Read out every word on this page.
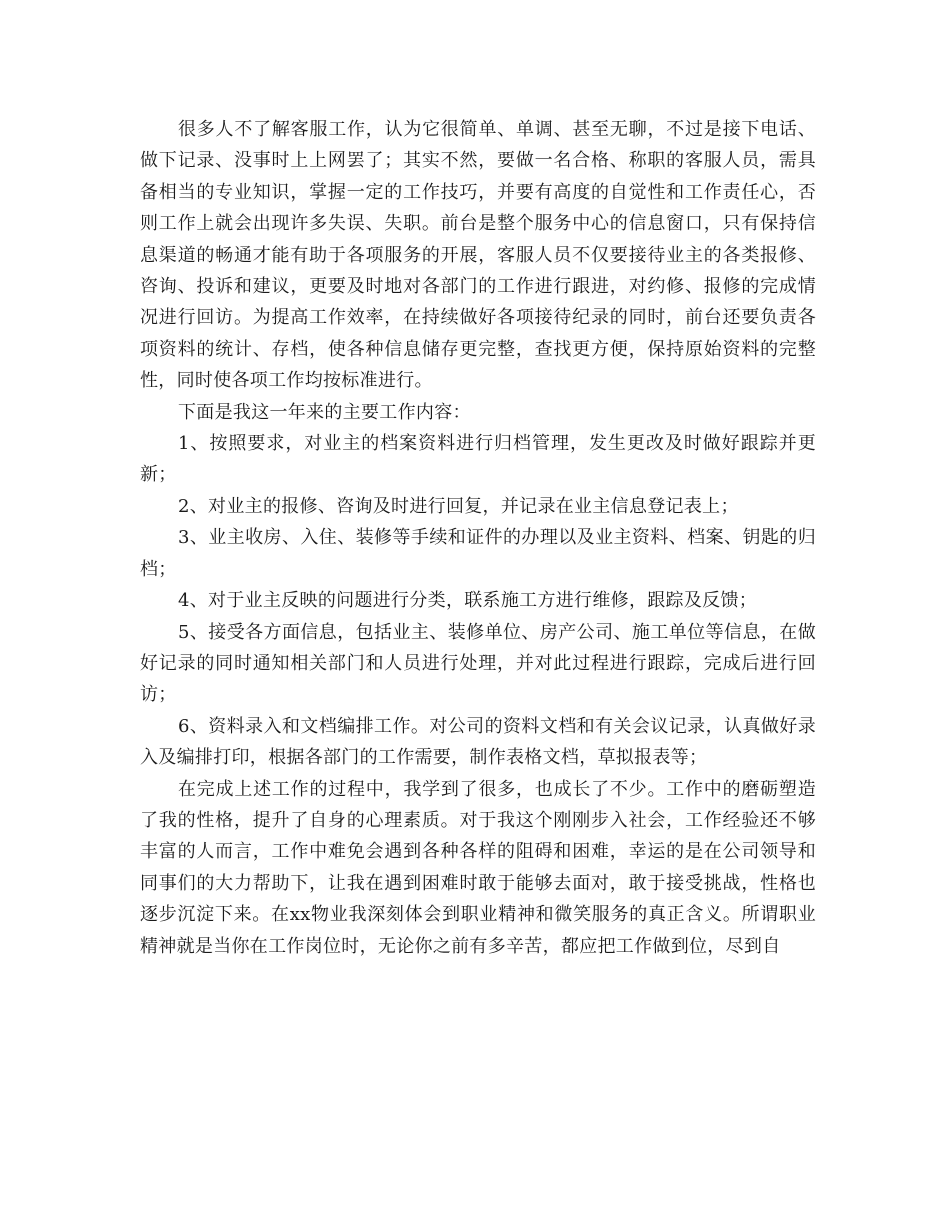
很多人不了解客服工作，认为它很简单、单调、甚至无聊，不过是接下电话、做下记录、没事时上上网罢了；其实不然，要做一名合格、称职的客服人员，需具备相当的专业知识，掌握一定的工作技巧，并要有高度的自觉性和工作责任心，否则工作上就会出现许多失误、失职。前台是整个服务中心的信息窗口，只有保持信息渠道的畅通才能有助于各项服务的开展，客服人员不仅要接待业主的各类报修、咨询、投诉和建议，更要及时地对各部门的工作进行跟进，对约修、报修的完成情况进行回访。为提高工作效率，在持续做好各项接待纪录的同时，前台还要负责各项资料的统计、存档，使各种信息储存更完整，查找更方便，保持原始资料的完整性，同时使各项工作均按标准进行。

下面是我这一年来的主要工作内容：

1、按照要求，对业主的档案资料进行归档管理，发生更改及时做好跟踪并更新；

2、对业主的报修、咨询及时进行回复，并记录在业主信息登记表上；

3、业主收房、入住、装修等手续和证件的办理以及业主资料、档案、钥匙的归档；

4、对于业主反映的问题进行分类，联系施工方进行维修，跟踪及反馈；

5、接受各方面信息，包括业主、装修单位、房产公司、施工单位等信息，在做好记录的同时通知相关部门和人员进行处理，并对此过程进行跟踪，完成后进行回访；

6、资料录入和文档编排工作。对公司的资料文档和有关会议记录，认真做好录入及编排打印，根据各部门的工作需要，制作表格文档，草拟报表等；

在完成上述工作的过程中，我学到了很多，也成长了不少。工作中的磨砺塑造了我的性格，提升了自身的心理素质。对于我这个刚刚步入社会，工作经验还不够丰富的人而言，工作中难免会遇到各种各样的阻碍和困难，幸运的是在公司领导和同事们的大力帮助下，让我在遇到困难时敢于能够去面对，敢于接受挑战，性格也逐步沉淀下来。在xx物业我深刻体会到职业精神和微笑服务的真正含义。所谓职业精神就是当你在工作岗位时，无论你之前有多辛苦，都应把工作做到位，尽到自
